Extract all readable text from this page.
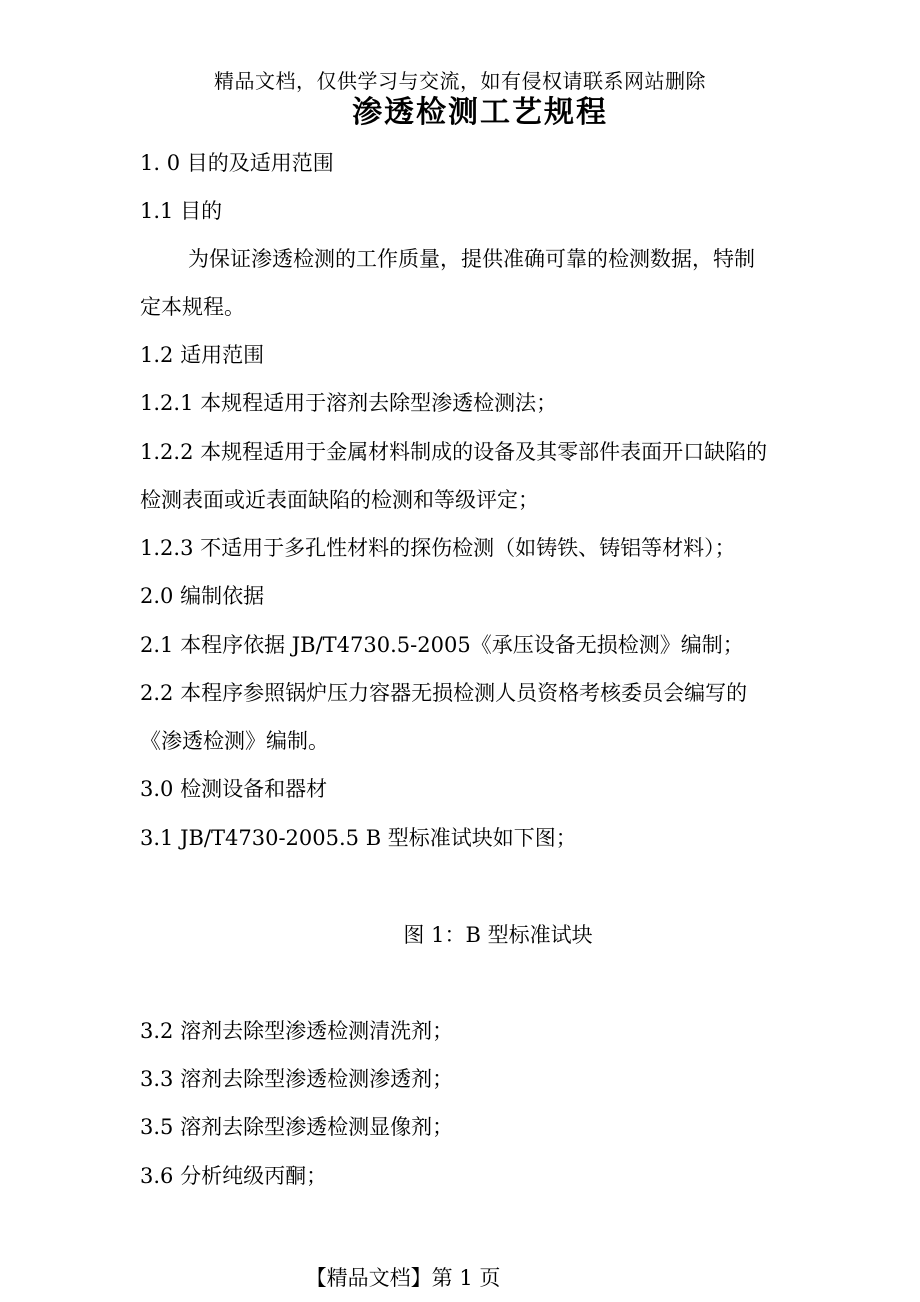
精品文档，仅供学习与交流，如有侵权请联系网站删除
渗透检测工艺规程
1. 0 目的及适用范围
1.1 目的
为保证渗透检测的工作质量，提供准确可靠的检测数据，特制
定本规程。
1.2 适用范围
1.2.1 本规程适用于溶剂去除型渗透检测法；
1.2.2 本规程适用于金属材料制成的设备及其零部件表面开口缺陷的
检测表面或近表面缺陷的检测和等级评定；
1.2.3 不适用于多孔性材料的探伤检测（如铸铁、铸铝等材料）；
2.0 编制依据
2.1 本程序依据 JB/T4730.5-2005《承压设备无损检测》编制；
2.2 本程序参照锅炉压力容器无损检测人员资格考核委员会编写的
《渗透检测》编制。
3.0 检测设备和器材
3.1 JB/T4730-2005.5 B 型标准试块如下图；
图 1：B 型标准试块
3.2 溶剂去除型渗透检测清洗剂；
3.3 溶剂去除型渗透检测渗透剂；
3.5 溶剂去除型渗透检测显像剂；
3.6 分析纯级丙酮；
【精品文档】第 1 页
